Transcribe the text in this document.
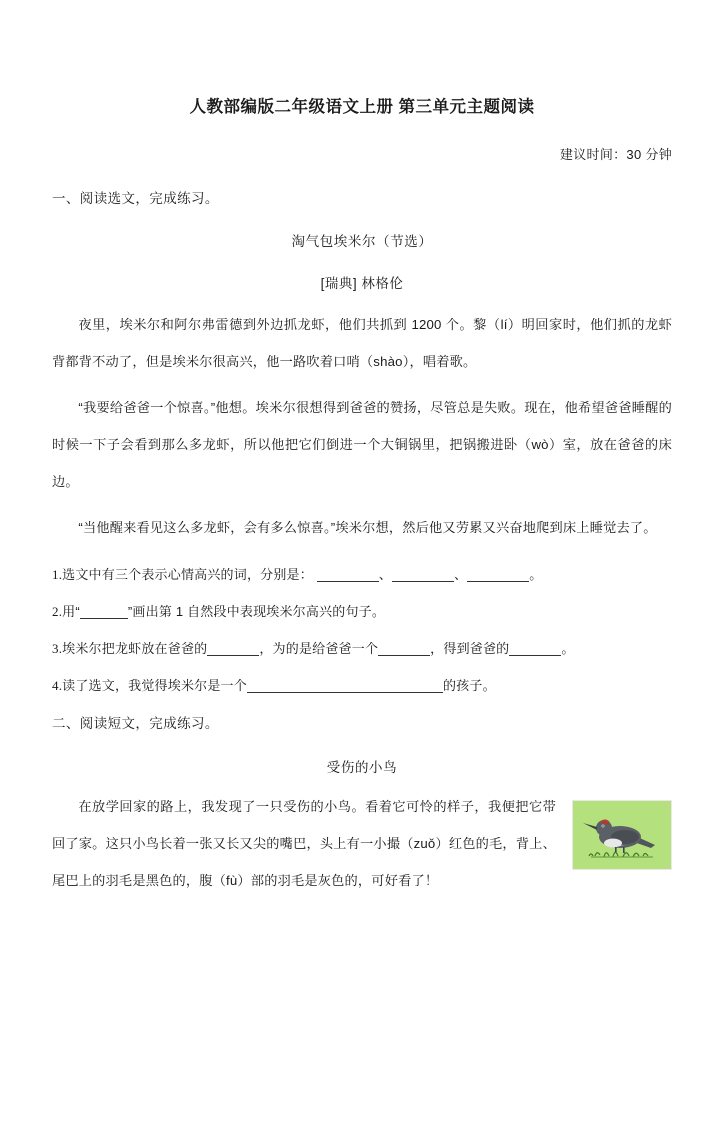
人教部编版二年级语文上册 第三单元主题阅读
建议时间：30 分钟
一、阅读选文，完成练习。
淘气包埃米尔（节选）
[瑞典] 林格伦

夜里，埃米尔和阿尔弗雷德到外边抓龙虾，他们共抓到 1200 个。黎（lí）明回家时，他们抓的龙虾背都背不动了，但是埃米尔很高兴，他一路吹着口哨（shào），唱着歌。

“我要给爸爸一个惊喜。”他想。埃米尔很想得到爸爸的赞扬，尽管总是失败。现在，他希望爸爸睡醒的时候一下子会看到那么多龙虾，所以他把它们倒进一个大铜锅里，把锅搬进卧（wò）室，放在爸爸的床边。

“当他醒来看见这么多龙虾，会有多么惊喜。”埃米尔想，然后他又劳累又兴奋地爬到床上睡觉去了。

1.选文中有三个表示心情高兴的词，分别是：	、	、	。
2.用“	”画出第 1 自然段中表现埃米尔高兴的句子。
3.埃米尔把龙虾放在爸爸的	，为的是给爸爸一个	，得到爸爸的	。
4.读了选文，我觉得埃米尔是一个	的孩子。
二、阅读短文，完成练习。
受伤的小鸟
在放学回家的路上，我发现了一只受伤的小鸟。看着它可怜的样子，我便把它带回了家。这只小鸟长着一张又长又尖的嘴巴，头上有一小撮（zuǒ）红色的毛，背上、尾巴上的羽毛是黑色的，腹（fù）部的羽毛是灰色的，可好看了！
